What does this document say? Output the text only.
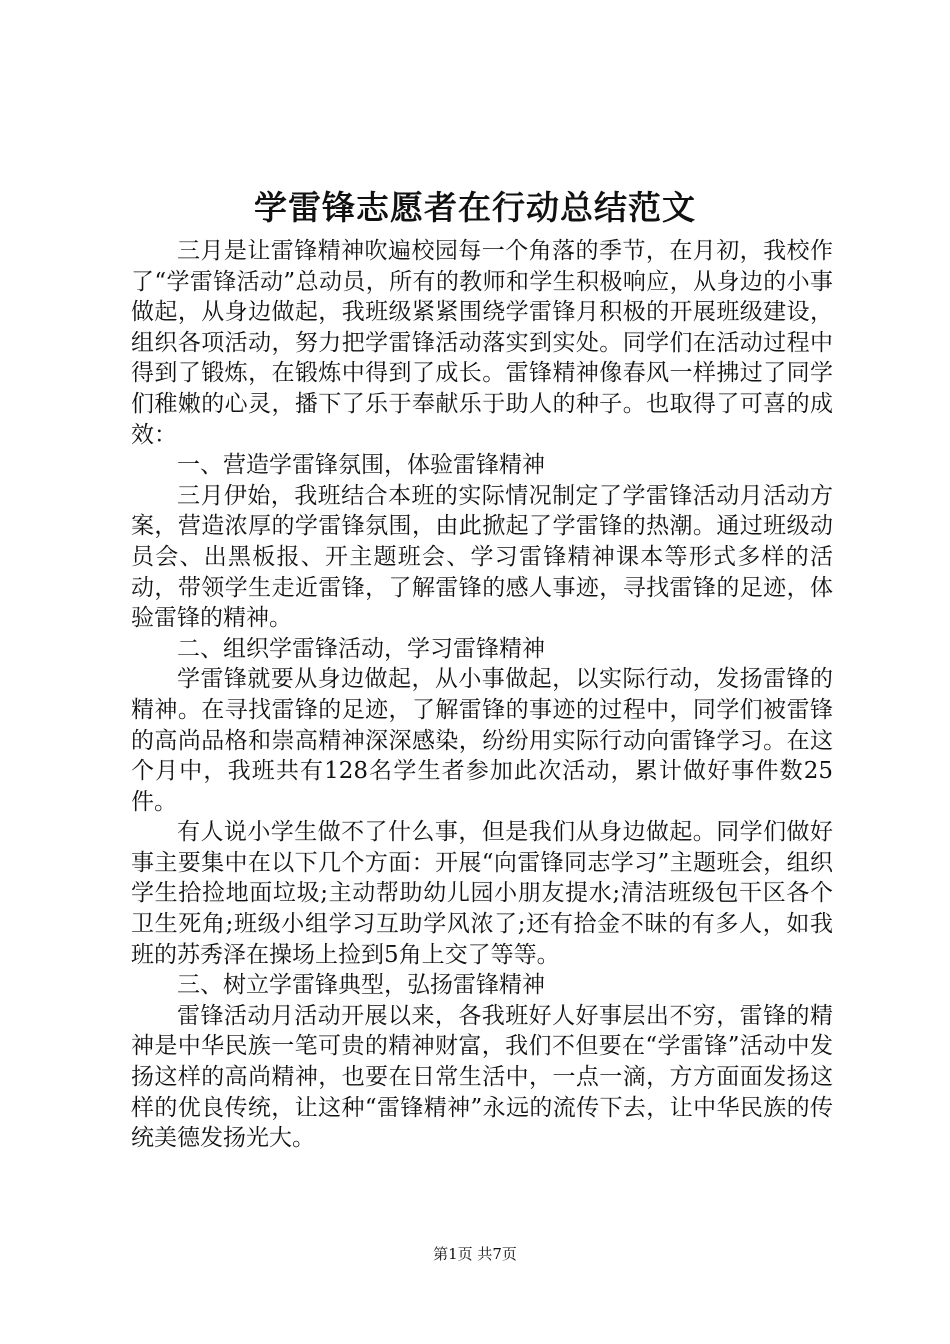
学雷锋志愿者在行动总结范文

三月是让雷锋精神吹遍校园每一个角落的季节，在月初，我校作了“学雷锋活动”总动员，所有的教师和学生积极响应，从身边的小事做起，从身边做起，我班级紧紧围绕学雷锋月积极的开展班级建设，组织各项活动，努力把学雷锋活动落实到实处。同学们在活动过程中得到了锻炼，在锻炼中得到了成长。雷锋精神像春风一样拂过了同学们稚嫩的心灵，播下了乐于奉献乐于助人的种子。也取得了可喜的成效：

一、营造学雷锋氛围，体验雷锋精神

三月伊始，我班结合本班的实际情况制定了学雷锋活动月活动方案，营造浓厚的学雷锋氛围，由此掀起了学雷锋的热潮。通过班级动员会、出黑板报、开主题班会、学习雷锋精神课本等形式多样的活动，带领学生走近雷锋，了解雷锋的感人事迹，寻找雷锋的足迹，体验雷锋的精神。

二、组织学雷锋活动，学习雷锋精神

学雷锋就要从身边做起，从小事做起，以实际行动，发扬雷锋的精神。在寻找雷锋的足迹，了解雷锋的事迹的过程中，同学们被雷锋的高尚品格和崇高精神深深感染，纷纷用实际行动向雷锋学习。在这个月中，我班共有128名学生者参加此次活动，累计做好事件数25件。

有人说小学生做不了什么事，但是我们从身边做起。同学们做好事主要集中在以下几个方面：开展“向雷锋同志学习”主题班会，组织学生拾捡地面垃圾;主动帮助幼儿园小朋友提水;清洁班级包干区各个卫生死角;班级小组学习互助学风浓了;还有拾金不昧的有多人，如我班的苏秀泽在操场上捡到5角上交了等等。

三、树立学雷锋典型，弘扬雷锋精神

雷锋活动月活动开展以来，各我班好人好事层出不穷，雷锋的精神是中华民族一笔可贵的精神财富，我们不但要在“学雷锋”活动中发扬这样的高尚精神，也要在日常生活中，一点一滴，方方面面发扬这样的优良传统，让这种“雷锋精神”永远的流传下去，让中华民族的传统美德发扬光大。

第1页 共7页
